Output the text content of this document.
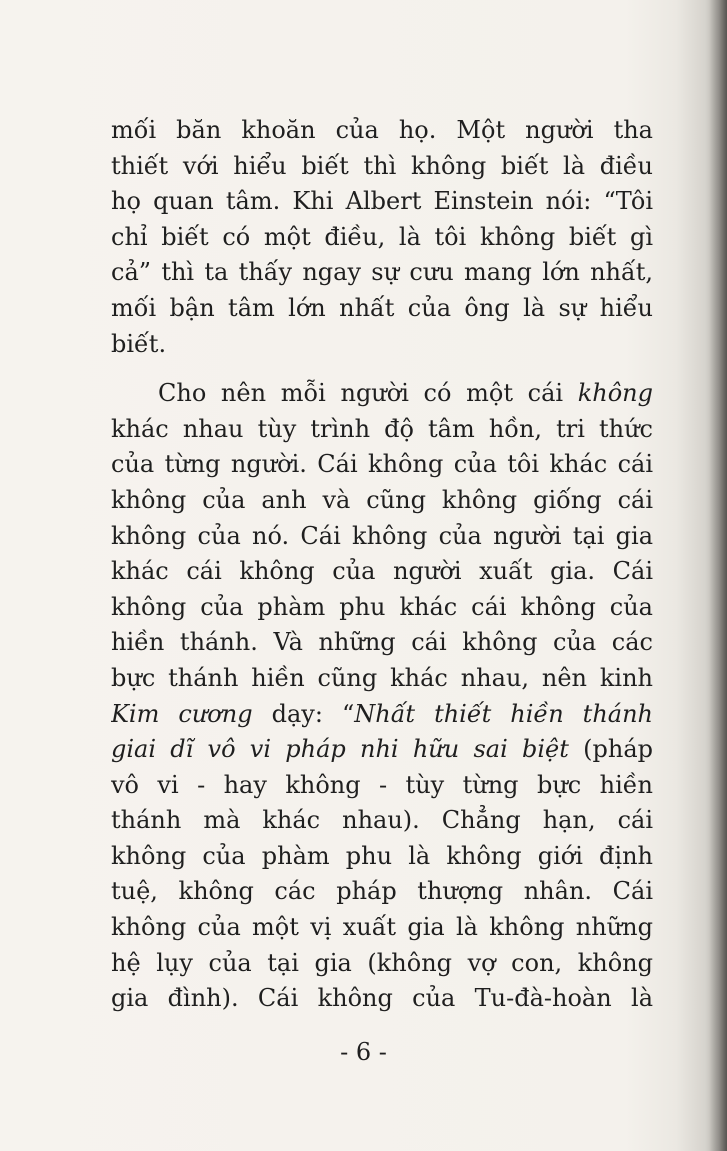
mối băn khoăn của họ. Một người tha
thiết với hiểu biết thì không biết là điều
họ quan tâm. Khi Albert Einstein nói: “Tôi
chỉ biết có một điều, là tôi không biết gì
cả” thì ta thấy ngay sự cưu mang lớn nhất,
mối bận tâm lớn nhất của ông là sự hiểu
biết.
Cho nên mỗi người có một cái không
khác nhau tùy trình độ tâm hồn, tri thức
của từng người. Cái không của tôi khác cái
không của anh và cũng không giống cái
không của nó. Cái không của người tại gia
khác cái không của người xuất gia. Cái
không của phàm phu khác cái không của
hiền thánh. Và những cái không của các
bực thánh hiền cũng khác nhau, nên kinh
Kim cương dạy: “Nhất thiết hiền thánh
giai dĩ vô vi pháp nhi hữu sai biệt (pháp
vô vi - hay không - tùy từng bực hiền
thánh mà khác nhau). Chẳng hạn, cái
không của phàm phu là không giới định
tuệ, không các pháp thượng nhân. Cái
không của một vị xuất gia là không những
hệ lụy của tại gia (không vợ con, không
gia đình). Cái không của Tu-đà-hoàn là
- 6 -
